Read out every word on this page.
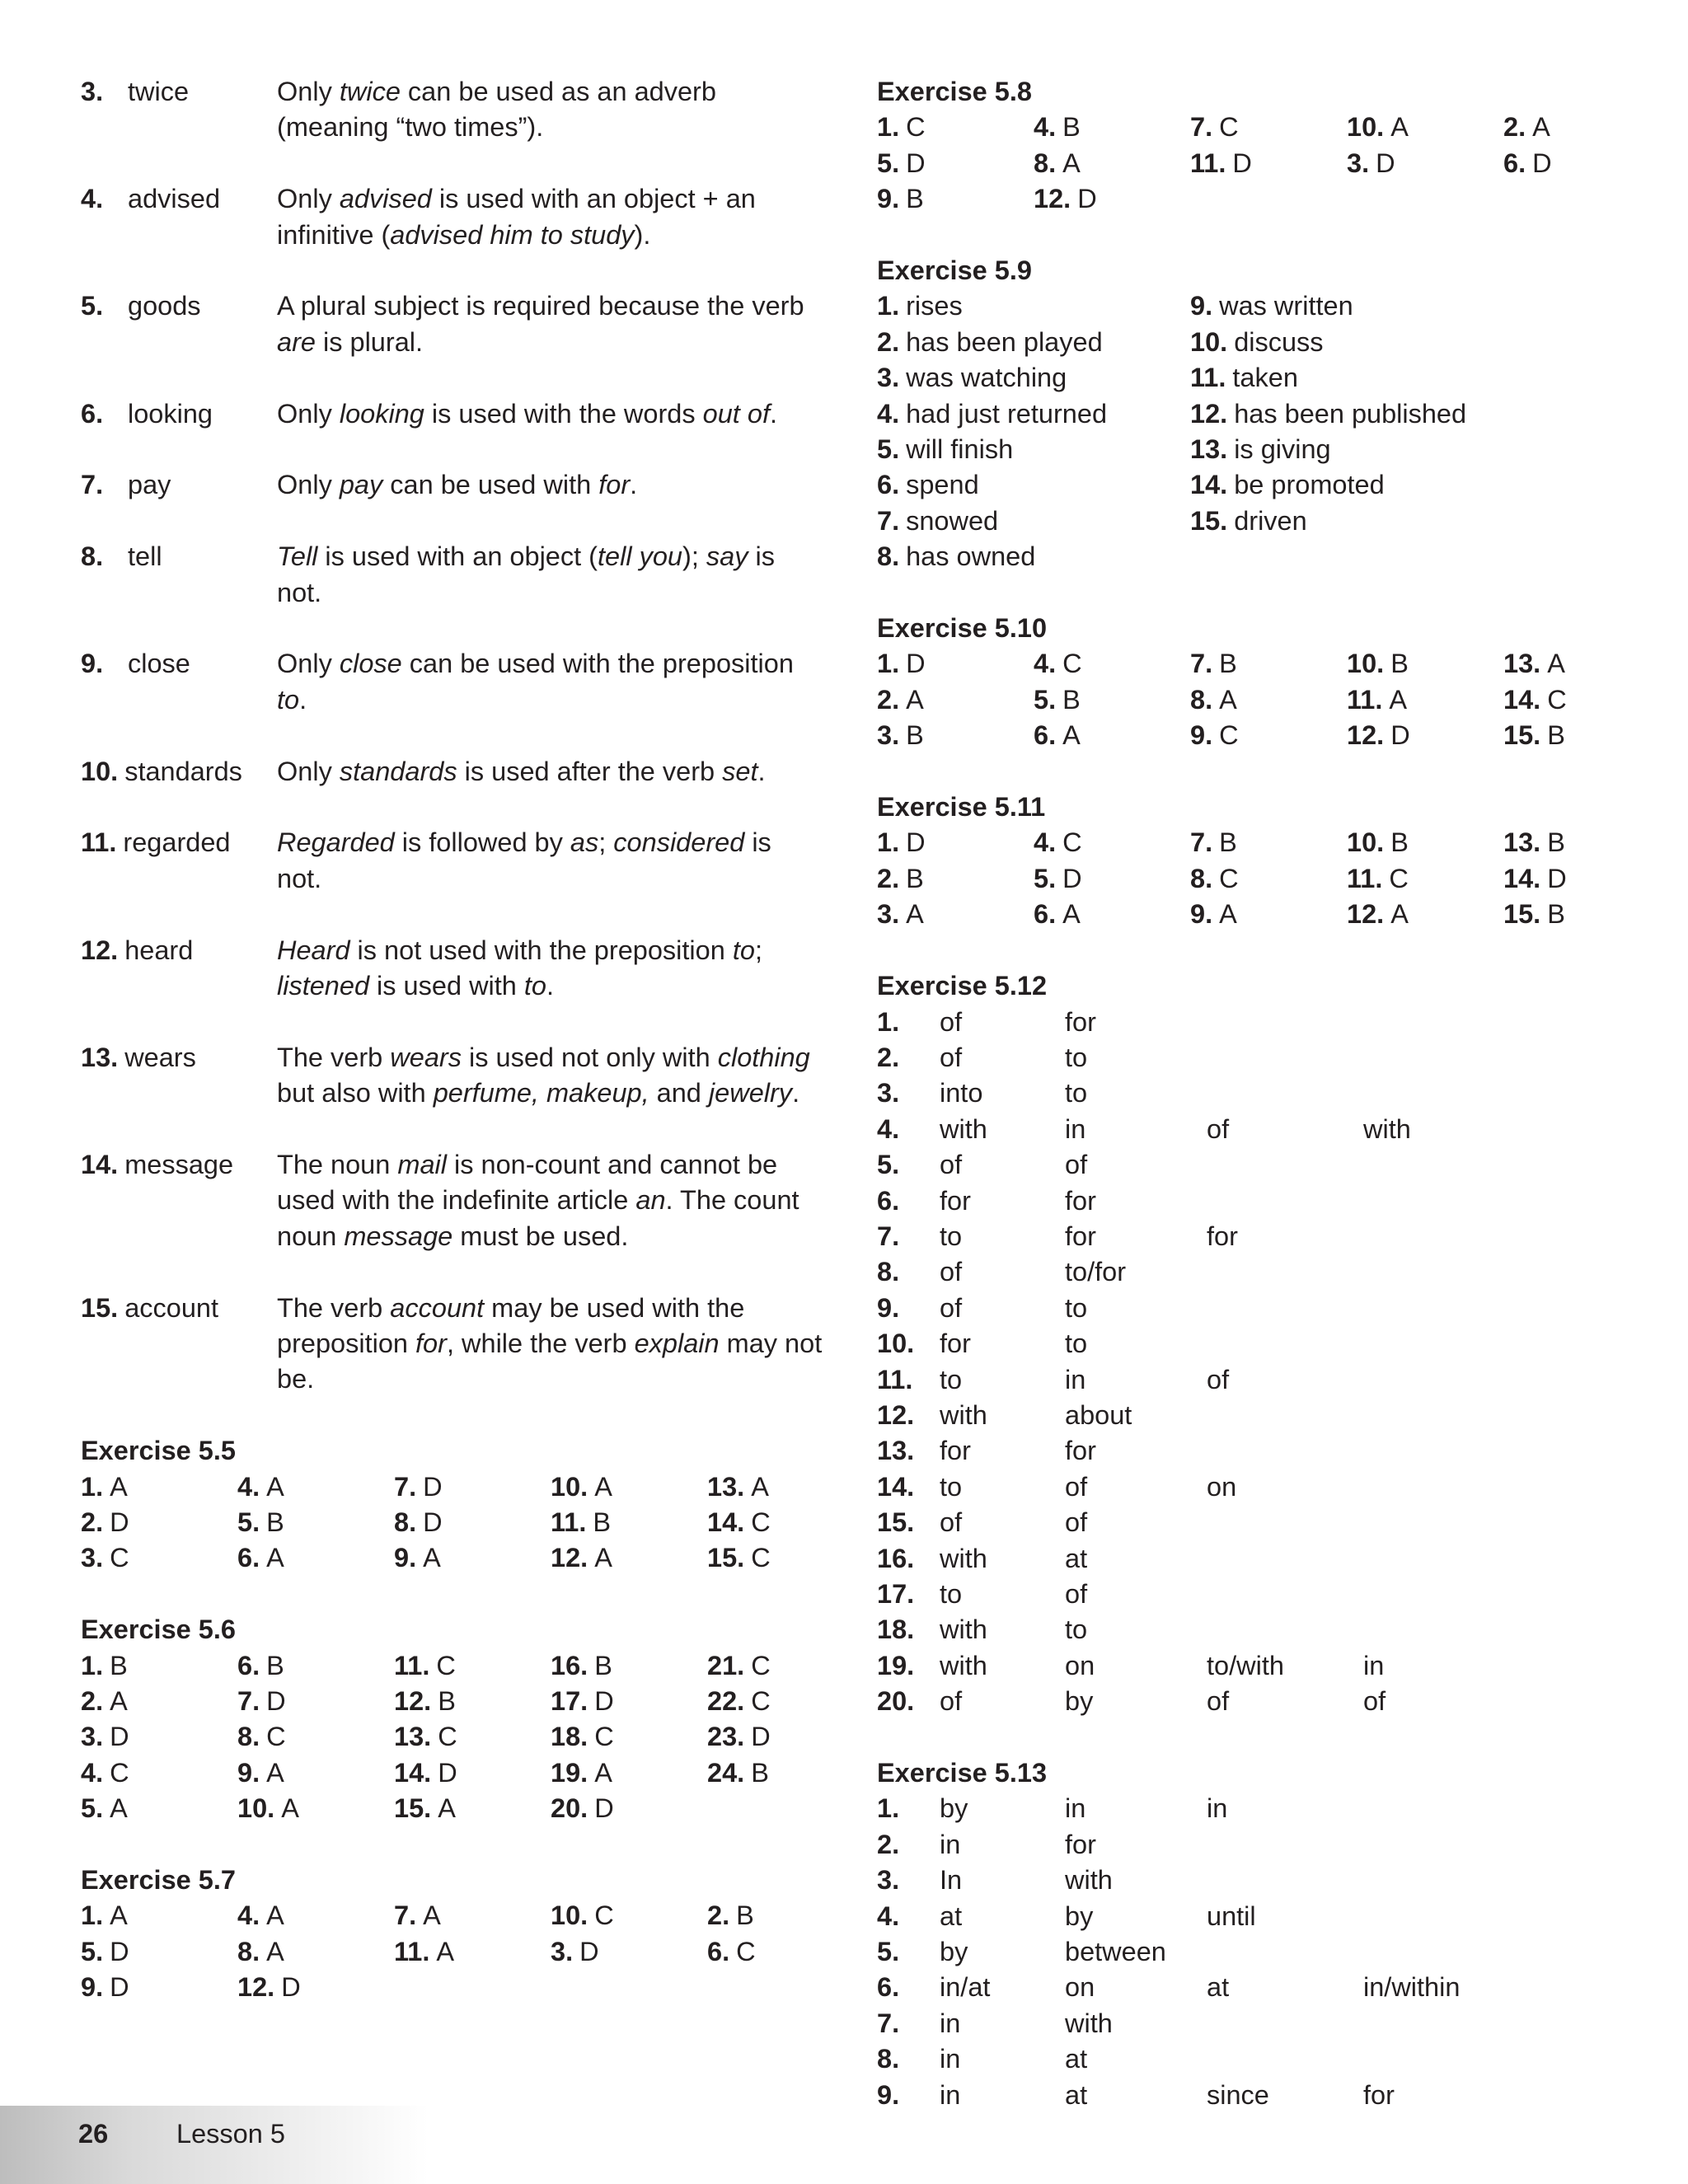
3. twice	Only twice can be used as an adverb (meaning “two times”).
4. advised	Only advised is used with an object + an infinitive (advised him to study).
5. goods	A plural subject is required because the verb are is plural.
6. looking	Only looking is used with the words out of.
7. pay	Only pay can be used with for.
8. tell	Tell is used with an object (tell you); say is not.
9. close	Only close can be used with the preposition to.
10. standards	Only standards is used after the verb set.
11. regarded	Regarded is followed by as; considered is not.
12. heard	Heard is not used with the preposition to; listened is used with to.
13. wears	The verb wears is used not only with clothing but also with perfume, makeup, and jewelry.
14. message	The noun mail is non-count and cannot be used with the indefinite article an. The count noun message must be used.
15. account	The verb account may be used with the preposition for, while the verb explain may not be.
Exercise 5.5
1. A	4. A	7. D	10. A	13. A
2. D	5. B	8. D	11. B	14. C
3. C	6. A	9. A	12. A	15. C
Exercise 5.6
1. B	6. B	11. C	16. B	21. C
2. A	7. D	12. B	17. D	22. C
3. D	8. C	13. C	18. C	23. D
4. C	9. A	14. D	19. A	24. B
5. A	10. A	15. A	20. D
Exercise 5.7
1. A	4. A	7. A	10. C	2. B
5. D	8. A	11. A	3. D	6. C
9. D	12. D
Exercise 5.8
1. C	4. B	7. C	10. A	2. A
5. D	8. A	11. D	3. D	6. D
9. B	12. D
Exercise 5.9
1. rises	9. was written
2. has been played	10. discuss
3. was watching	11. taken
4. had just returned	12. has been published
5. will finish	13. is giving
6. spend	14. be promoted
7. snowed	15. driven
8. has owned
Exercise 5.10
1. D	4. C	7. B	10. B	13. A
2. A	5. B	8. A	11. A	14. C
3. B	6. A	9. C	12. D	15. B
Exercise 5.11
1. D	4. C	7. B	10. B	13. B
2. B	5. D	8. C	11. C	14. D
3. A	6. A	9. A	12. A	15. B
Exercise 5.12
1.	of	for
2.	of	to
3.	into	to
4.	with	in	of	with
5.	of	of
6.	for	for
7.	to	for	for
8.	of	to/for
9.	of	to
10. for	to
11.	to	in	of
12. with	about
13. for	for
14. to	of	on
15. of	of
16. with	at
17. to	of
18. with	to
19. with	on	to/with	in
20. of	by	of	of
Exercise 5.13
1.	by	in	in
2.	in	for
3.	In	with
4.	at	by	until
5.	by	between
6.	in/at	on	at	in/within
7.	in	with
8.	in	at
9.	in	at	since	for
26	Lesson 5
